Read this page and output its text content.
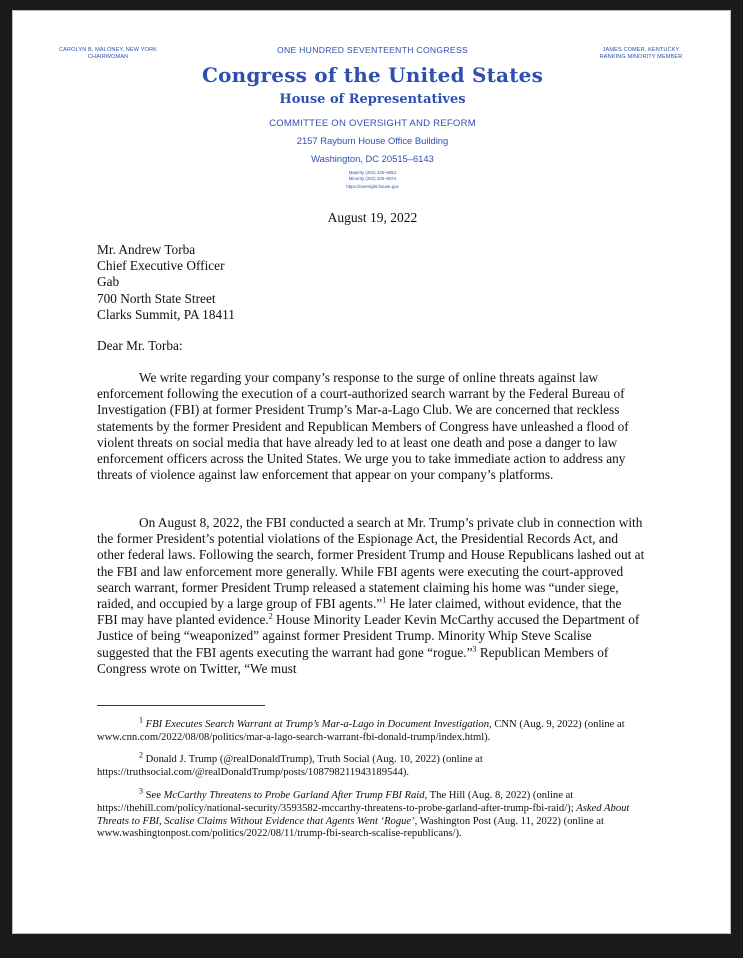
CAROLYN B. MALONEY, NEW YORK
CHAIRWOMAN
JAMES COMER, KENTUCKY
RANKING MINORITY MEMBER
ONE HUNDRED SEVENTEENTH CONGRESS
Congress of the United States
House of Representatives
COMMITTEE ON OVERSIGHT AND REFORM
2157 Rayburn House Office Building
Washington, DC 20515–6143
Majority (202) 225–5051
Minority (202) 225–5074
https://oversight.house.gov
August 19, 2022
Mr. Andrew Torba
Chief Executive Officer
Gab
700 North State Street
Clarks Summit, PA 18411
Dear Mr. Torba:
We write regarding your company’s response to the surge of online threats against law enforcement following the execution of a court-authorized search warrant by the Federal Bureau of Investigation (FBI) at former President Trump’s Mar-a-Lago Club. We are concerned that reckless statements by the former President and Republican Members of Congress have unleashed a flood of violent threats on social media that have already led to at least one death and pose a danger to law enforcement officers across the United States. We urge you to take immediate action to address any threats of violence against law enforcement that appear on your company’s platforms.
On August 8, 2022, the FBI conducted a search at Mr. Trump’s private club in connection with the former President’s potential violations of the Espionage Act, the Presidential Records Act, and other federal laws. Following the search, former President Trump and House Republicans lashed out at the FBI and law enforcement more generally. While FBI agents were executing the court-approved search warrant, former President Trump released a statement claiming his home was “under siege, raided, and occupied by a large group of FBI agents.”$^1$ He later claimed, without evidence, that the FBI may have planted evidence.$^2$ House Minority Leader Kevin McCarthy accused the Department of Justice of being “weaponized” against former President Trump. Minority Whip Steve Scalise suggested that the FBI agents executing the warrant had gone “rogue.”$^3$ Republican Members of Congress wrote on Twitter, “We must
$^1$ FBI Executes Search Warrant at Trump’s Mar-a-Lago in Document Investigation, CNN (Aug. 9, 2022) (online at www.cnn.com/2022/08/08/politics/mar-a-lago-search-warrant-fbi-donald-trump/index.html).
$^2$ Donald J. Trump (@realDonaldTrump), Truth Social (Aug. 10, 2022) (online at https://truthsocial.com/@realDonaldTrump/posts/108798211943189544).
$^3$ See McCarthy Threatens to Probe Garland After Trump FBI Raid, The Hill (Aug. 8, 2022) (online at https://thehill.com/policy/national-security/3593582-mccarthy-threatens-to-probe-garland-after-trump-fbi-raid/); Asked About Threats to FBI, Scalise Claims Without Evidence that Agents Went ‘Rogue’, Washington Post (Aug. 11, 2022) (online at www.washingtonpost.com/politics/2022/08/11/trump-fbi-search-scalise-republicans/).
